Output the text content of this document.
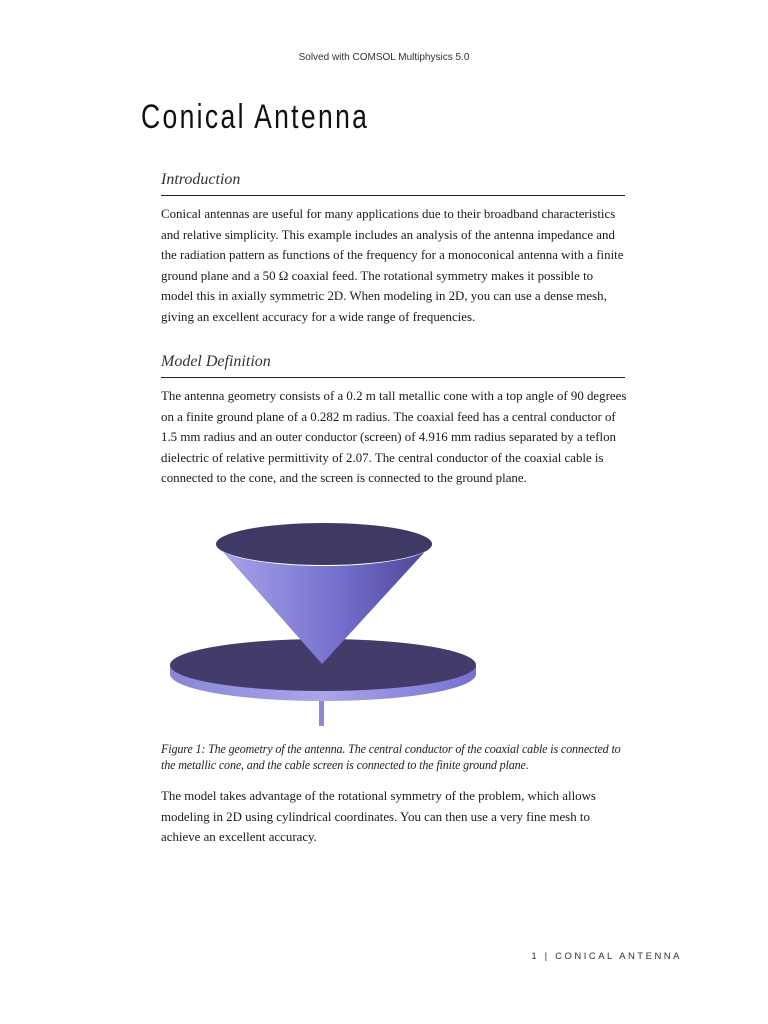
Solved with COMSOL Multiphysics 5.0
Conical Antenna
Introduction

Conical antennas are useful for many applications due to their broadband characteristics and relative simplicity. This example includes an analysis of the antenna impedance and the radiation pattern as functions of the frequency for a monoconical antenna with a finite ground plane and a 50 Ω coaxial feed. The rotational symmetry makes it possible to model this in axially symmetric 2D. When modeling in 2D, you can use a dense mesh, giving an excellent accuracy for a wide range of frequencies.

Model Definition

The antenna geometry consists of a 0.2 m tall metallic cone with a top angle of 90 degrees on a finite ground plane of a 0.282 m radius. The coaxial feed has a central conductor of 1.5 mm radius and an outer conductor (screen) of 4.916 mm radius separated by a teflon dielectric of relative permittivity of 2.07. The central conductor of the coaxial cable is connected to the cone, and the screen is connected to the ground plane.

Figure 1: The geometry of the antenna. The central conductor of the coaxial cable is connected to the metallic cone, and the cable screen is connected to the finite ground plane.

The model takes advantage of the rotational symmetry of the problem, which allows modeling in 2D using cylindrical coordinates. You can then use a very fine mesh to achieve an excellent accuracy.

1 | CONICAL ANTENNA
